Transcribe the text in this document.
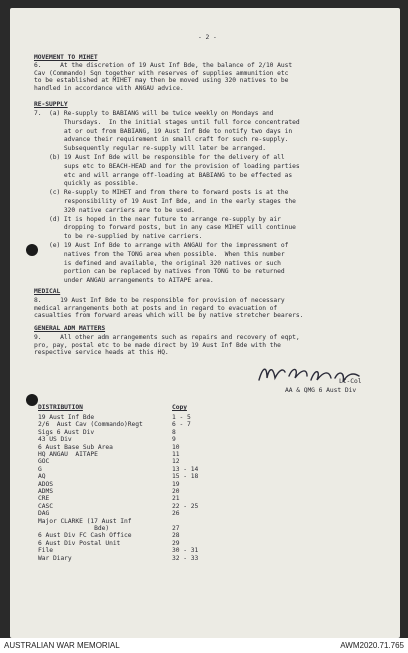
- 2 -
MOVEMENT TO MIHET
6.     At the discretion of 19 Aust Inf Bde, the balance of 2/10 Aust
Cav (Commando) Sqn together with reserves of supplies ammunition etc
to be established at MIHET may then be moved using 320 natives to be
handled in accordance with ANGAU advice.
RE-SUPPLY
7.  (a) Re-supply to BABIANG will be twice weekly on Mondays and
Thursdays.  In the initial stages until full force concentrated
at or out from BABIANG, 19 Aust Inf Bde to notify two days in
advance their requirement in small craft for such re-supply.
Subsequently regular re-supply will later be arranged.
(b) 19 Aust Inf Bde will be responsible for the delivery of all
sups etc to BEACH-HEAD and for the provision of loading parties
etc and will arrange off-loading at BABIANG to be effected as
quickly as possible.
(c) Re-supply to MIHET and from there to forward posts is at the
responsibility of 19 Aust Inf Bde, and in the early stages the
320 native carriers are to be used.
(d) It is hoped in the near future to arrange re-supply by air
dropping to forward posts, but in any case MIHET will continue
to be re-supplied by native carriers.
(e) 19 Aust Inf Bde to arrange with ANGAU for the impressment of
natives from the TONG area when possible.  When this number
is defined and available, the original 320 natives or such
portion can be replaced by natives from TONG to be returned
under ANGAU arrangements to AITAPE area.
MEDICAL
8.     19 Aust Inf Bde to be responsible for provision of necessary
medical arrangements both at posts and in regard to evacuation of
casualties from forward areas which will be by native stretcher bearers.
GENERAL ADM MATTERS
9.     All other adm arrangements such as repairs and recovery of eqpt,
pro, pay, postal etc to be made direct by 19 Aust Inf Bde with the
respective service heads at this HQ.
Lt-Col
AA & QMG 6 Aust Div
DISTRIBUTION	Copy
19 Aust Inf Bde	1 - 5
2/6  Aust Cav (Commando)Regt	6 - 7
Sigs 6 Aust Div	8
43 US Div	9
6 Aust Base Sub Area	10
HQ ANGAU  AITAPE	11
GOC	12
G	13 - 14
AQ	15 - 18
ADOS	19
ADMS	20
CRE	21
CASC	22 - 25
DAG	26
Major CLARKE (17 Aust Inf
Bde)	27
6 Aust Div FC Cash Office	28
6 Aust Div Postal Unit	29
File	30 - 31
War Diary	32 - 33
AUSTRALIAN WAR MEMORIAL	AWM2020.71.765
